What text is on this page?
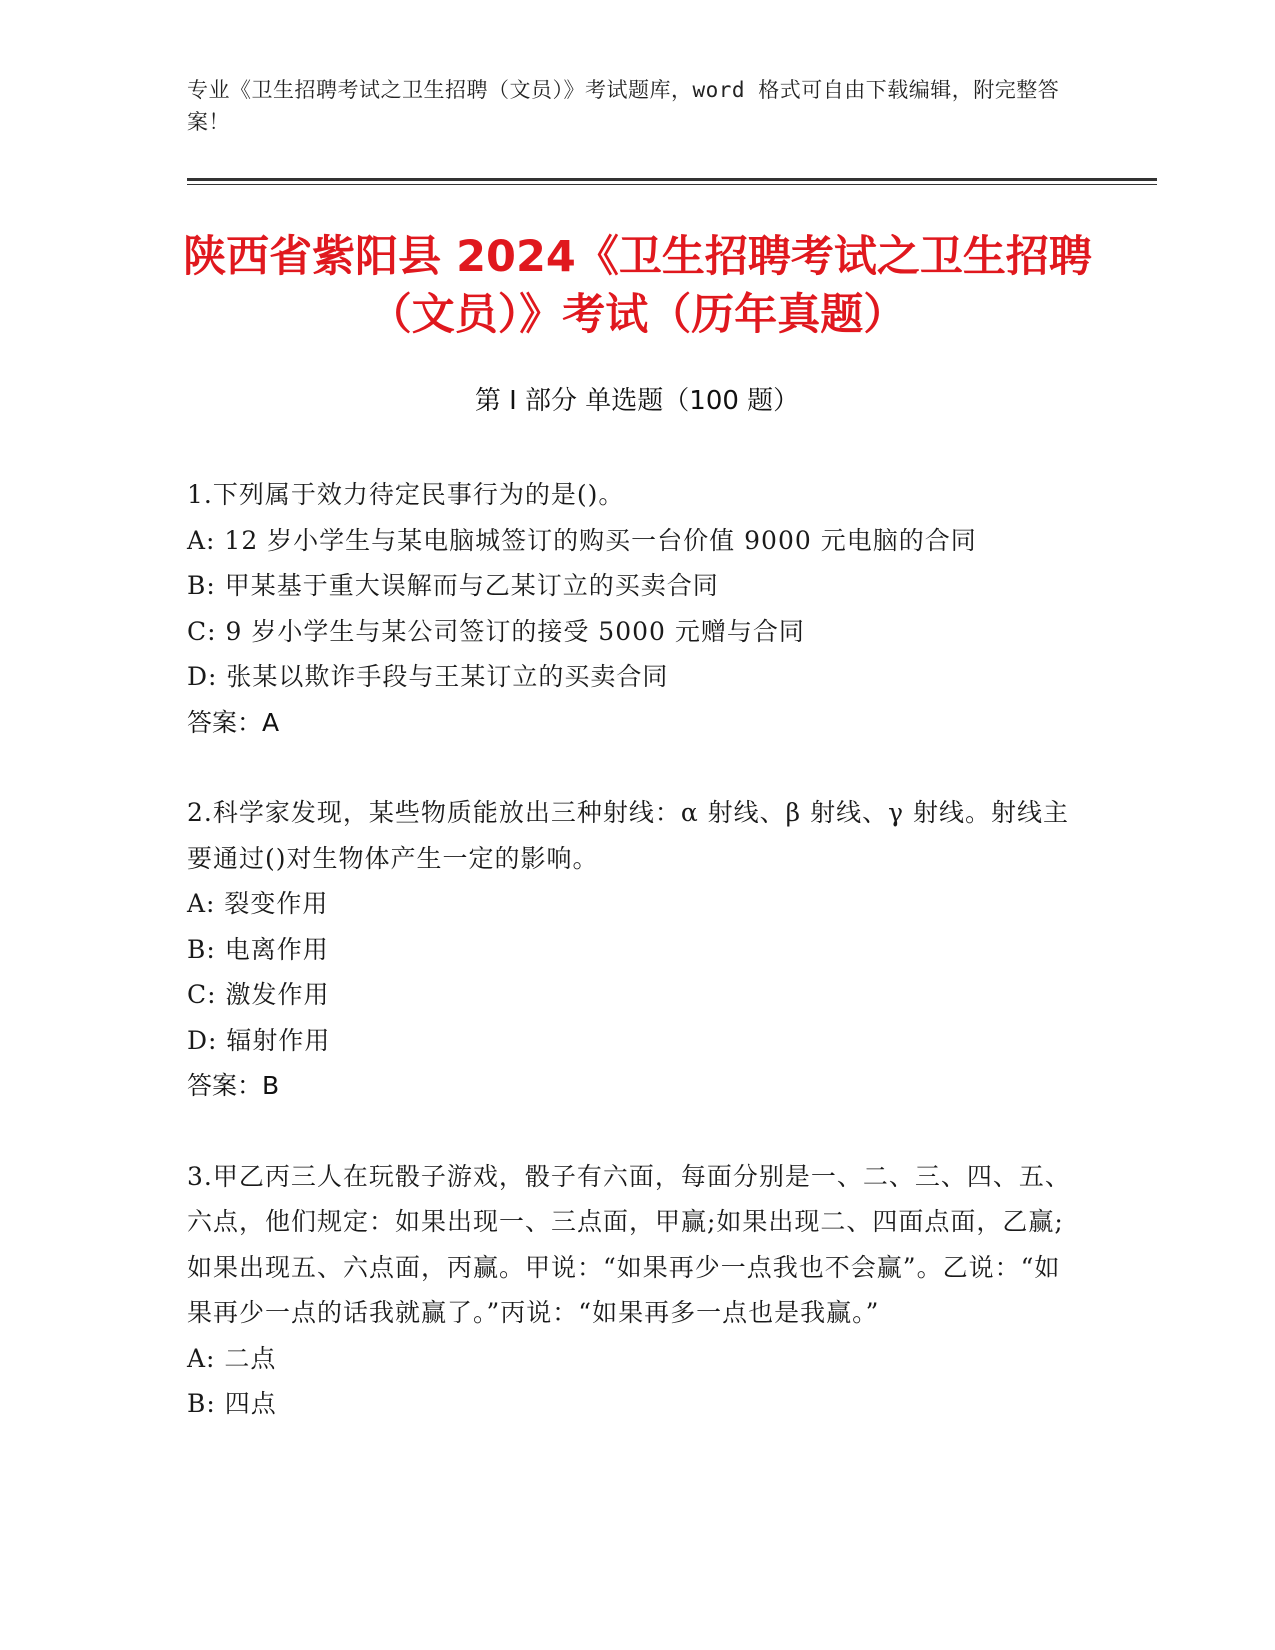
专业《卫生招聘考试之卫生招聘（文员）》考试题库，word 格式可自由下载编辑，附完整答案！
陕西省紫阳县 2024《卫生招聘考试之卫生招聘（文员）》考试（历年真题）
第 I 部分 单选题（100 题）
1.下列属于效力待定民事行为的是()。
A: 12 岁小学生与某电脑城签订的购买一台价值 9000 元电脑的合同
B: 甲某基于重大误解而与乙某订立的买卖合同
C: 9 岁小学生与某公司签订的接受 5000 元赠与合同
D: 张某以欺诈手段与王某订立的买卖合同
答案：A
2.科学家发现，某些物质能放出三种射线：α 射线、β 射线、γ 射线。射线主要通过()对生物体产生一定的影响。
A: 裂变作用
B: 电离作用
C: 激发作用
D: 辐射作用
答案：B
3.甲乙丙三人在玩骰子游戏，骰子有六面，每面分别是一、二、三、四、五、六点，他们规定：如果出现一、三点面，甲赢;如果出现二、四面点面，乙赢;如果出现五、六点面，丙赢。甲说：“如果再少一点我也不会赢”。乙说：“如果再少一点的话我就赢了。”丙说：“如果再多一点也是我赢。”
A: 二点
B: 四点
